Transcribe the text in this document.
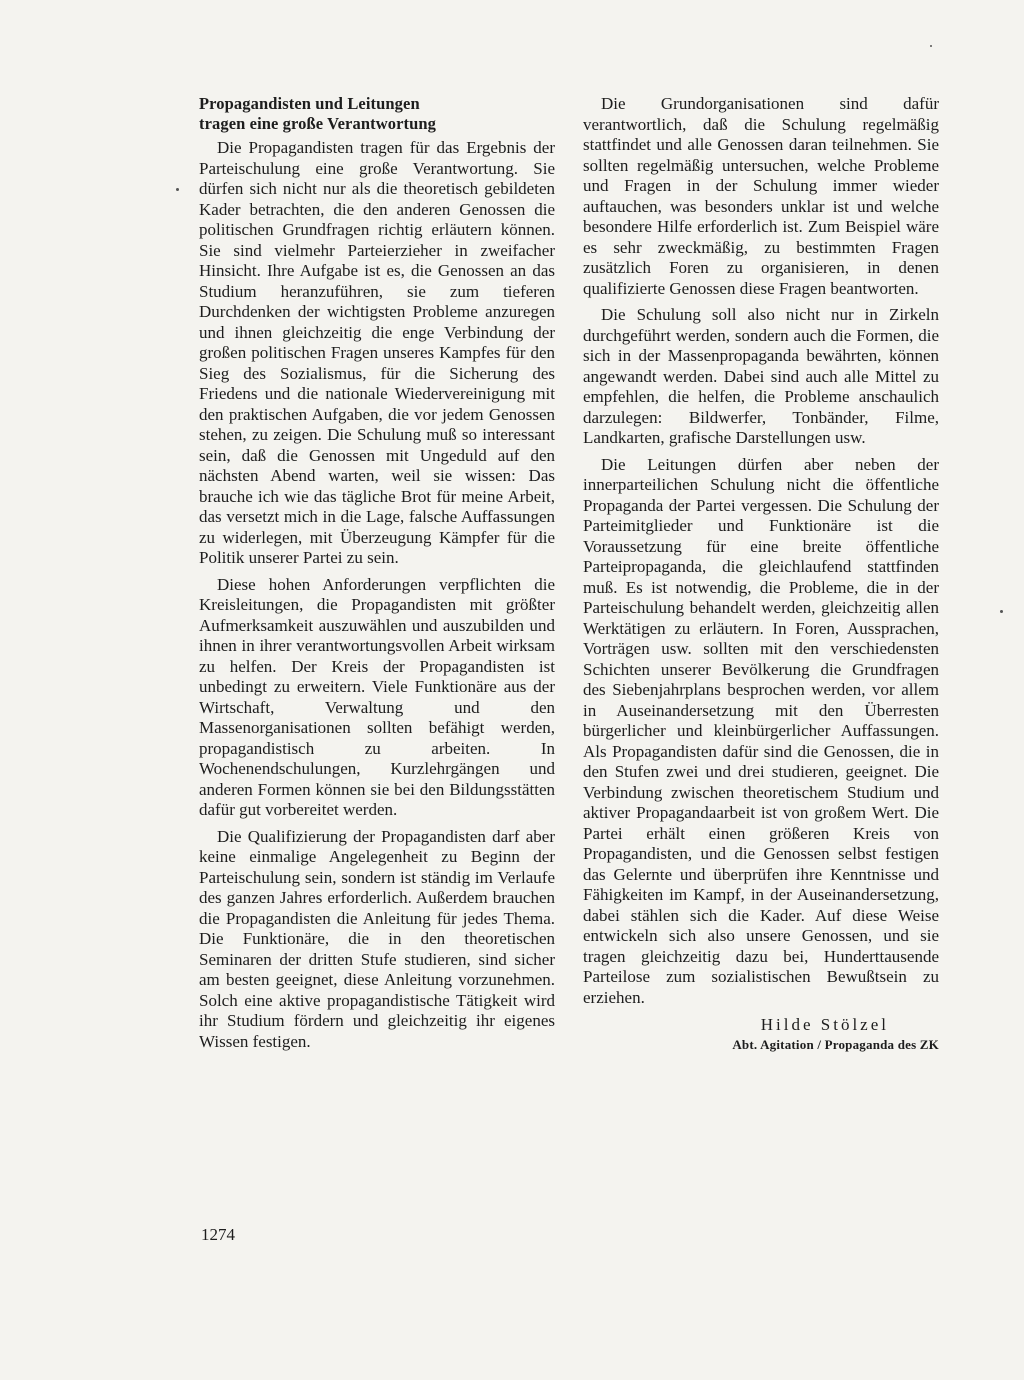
Propagandisten und Leitungen
tragen eine große Verantwortung

Die Propagandisten tragen für das Ergebnis der Parteischulung eine große Verantwortung. Sie dürfen sich nicht nur als die theoretisch gebildeten Kader betrachten, die den anderen Genossen die politischen Grundfragen richtig erläutern können. Sie sind vielmehr Parteierzieher in zweifacher Hinsicht. Ihre Aufgabe ist es, die Genossen an das Studium heranzuführen, sie zum tieferen Durchdenken der wichtigsten Probleme anzuregen und ihnen gleichzeitig die enge Verbindung der großen politischen Fragen unseres Kampfes für den Sieg des Sozialismus, für die Sicherung des Friedens und die nationale Wiedervereinigung mit den praktischen Aufgaben, die vor jedem Genossen stehen, zu zeigen. Die Schulung muß so interessant sein, daß die Genossen mit Ungeduld auf den nächsten Abend warten, weil sie wissen: Das brauche ich wie das tägliche Brot für meine Arbeit, das versetzt mich in die Lage, falsche Auffassungen zu widerlegen, mit Überzeugung Kämpfer für die Politik unserer Partei zu sein.

Diese hohen Anforderungen verpflichten die Kreisleitungen, die Propagandisten mit größter Aufmerksamkeit auszuwählen und auszubilden und ihnen in ihrer verantwortungsvollen Arbeit wirksam zu helfen. Der Kreis der Propagandisten ist unbedingt zu erweitern. Viele Funktionäre aus der Wirtschaft, Verwaltung und den Massenorganisationen sollten befähigt werden, propagandistisch zu arbeiten. In Wochenendschulungen, Kurzlehrgängen und anderen Formen können sie bei den Bildungsstätten dafür gut vorbereitet werden.

Die Qualifizierung der Propagandisten darf aber keine einmalige Angelegenheit zu Beginn der Parteischulung sein, sondern ist ständig im Verlaufe des ganzen Jahres erforderlich. Außerdem brauchen die Propagandisten die Anleitung für jedes Thema. Die Funktionäre, die in den theoretischen Seminaren der dritten Stufe studieren, sind sicher am besten geeignet, diese Anleitung vorzunehmen. Solch eine aktive propagandistische Tätigkeit wird ihr Studium fördern und gleichzeitig ihr eigenes Wissen festigen.

Die Grundorganisationen sind dafür verantwortlich, daß die Schulung regelmäßig stattfindet und alle Genossen daran teilnehmen. Sie sollten regelmäßig untersuchen, welche Probleme und Fragen in der Schulung immer wieder auftauchen, was besonders unklar ist und welche besondere Hilfe erforderlich ist. Zum Beispiel wäre es sehr zweckmäßig, zu bestimmten Fragen zusätzlich Foren zu organisieren, in denen qualifizierte Genossen diese Fragen beantworten.

Die Schulung soll also nicht nur in Zirkeln durchgeführt werden, sondern auch die Formen, die sich in der Massenpropaganda bewährten, können angewandt werden. Dabei sind auch alle Mittel zu empfehlen, die helfen, die Probleme anschaulich darzulegen: Bildwerfer, Tonbänder, Filme, Landkarten, grafische Darstellungen usw.

Die Leitungen dürfen aber neben der innerparteilichen Schulung nicht die öffentliche Propaganda der Partei vergessen. Die Schulung der Parteimitglieder und Funktionäre ist die Voraussetzung für eine breite öffentliche Parteipropaganda, die gleichlaufend stattfinden muß. Es ist notwendig, die Probleme, die in der Parteischulung behandelt werden, gleichzeitig allen Werktätigen zu erläutern. In Foren, Aussprachen, Vorträgen usw. sollten mit den verschiedensten Schichten unserer Bevölkerung die Grundfragen des Siebenjahrplans besprochen werden, vor allem in Auseinandersetzung mit den Überresten bürgerlicher und kleinbürgerlicher Auffassungen. Als Propagandisten dafür sind die Genossen, die in den Stufen zwei und drei studieren, geeignet. Die Verbindung zwischen theoretischem Studium und aktiver Propagandaarbeit ist von großem Wert. Die Partei erhält einen größeren Kreis von Propagandisten, und die Genossen selbst festigen das Gelernte und überprüfen ihre Kenntnisse und Fähigkeiten im Kampf, in der Auseinandersetzung, dabei stählen sich die Kader. Auf diese Weise entwickeln sich also unsere Genossen, und sie tragen gleichzeitig dazu bei, Hunderttausende Parteilose zum sozialistischen Bewußtsein zu erziehen.

Hilde Stölzel

Abt. Agitation / Propaganda des ZK

1274
